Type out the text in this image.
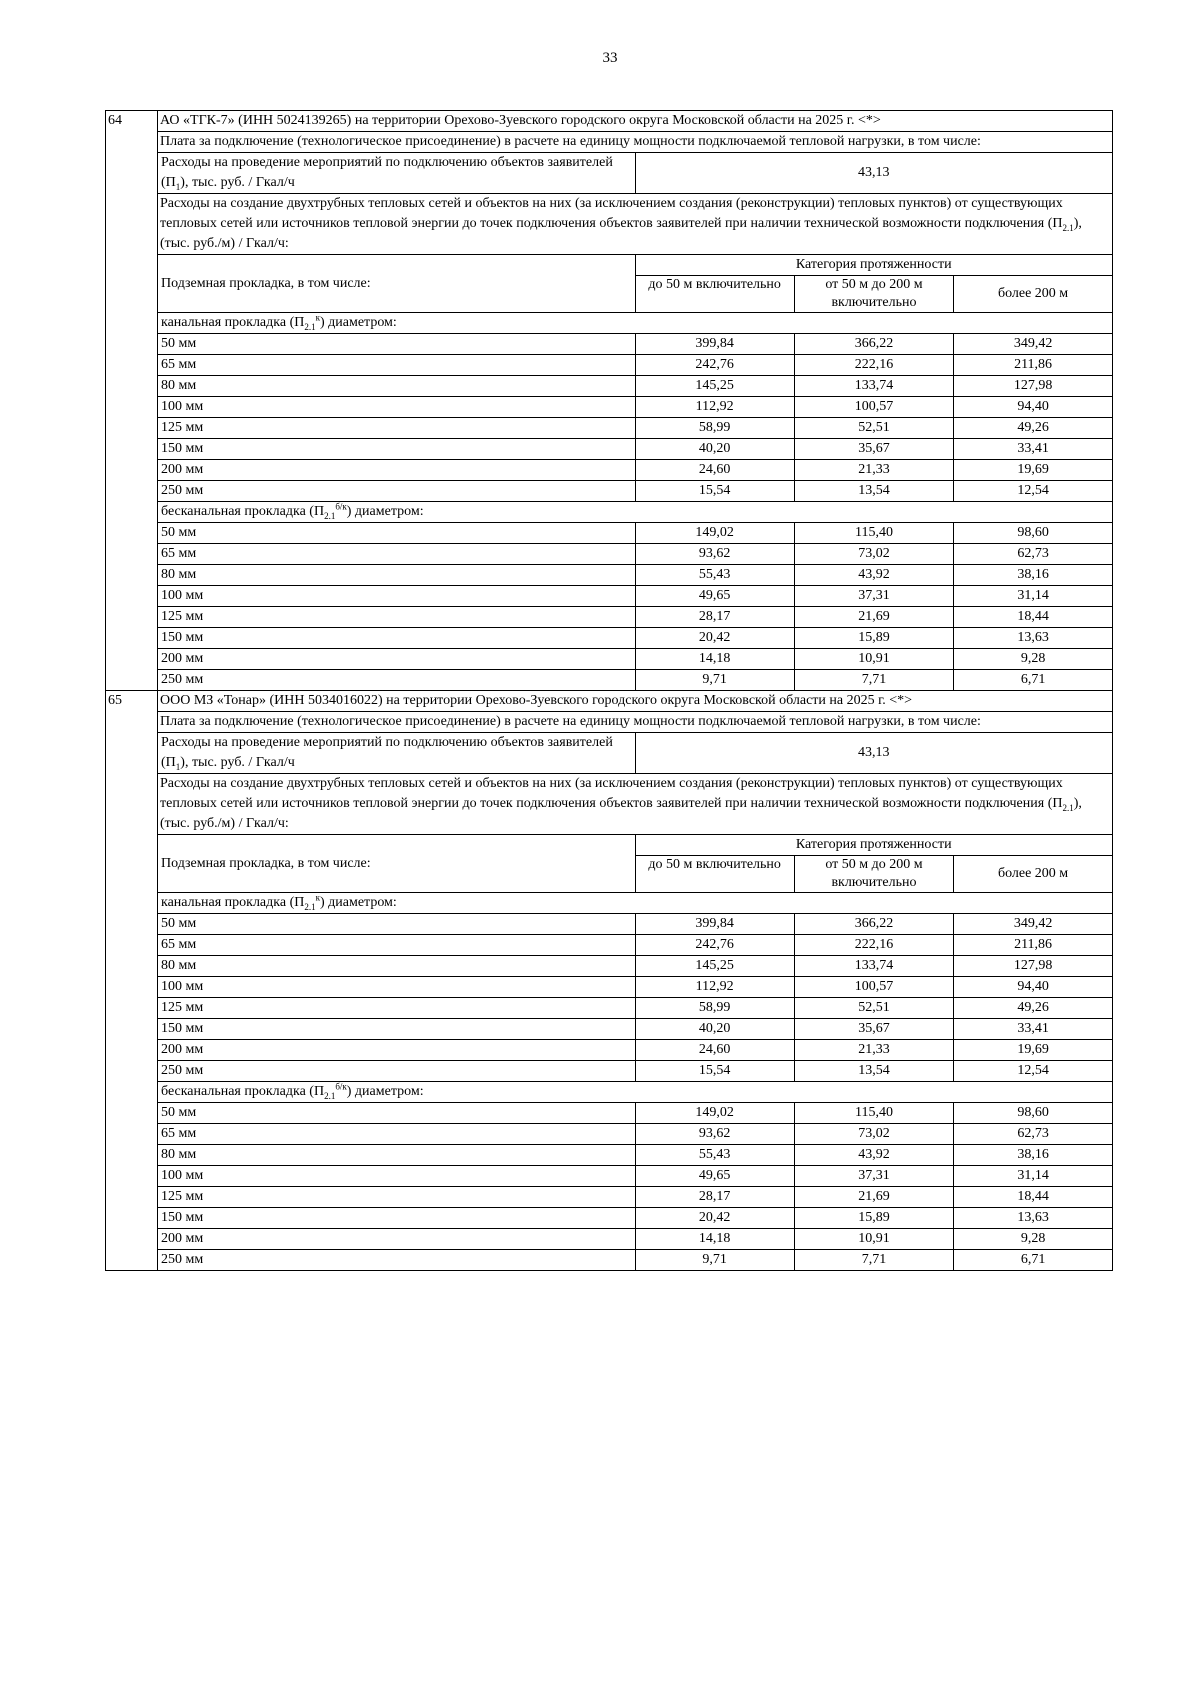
33
64	АО «ТГК-7» (ИНН 5024139265) на территории Орехово-Зуевского городского округа Московской области на 2025 г. <*>
Плата за подключение (технологическое присоединение) в расчете на единицу мощности подключаемой тепловой нагрузки, в том числе:

Расходы на проведение мероприятий по подключению объектов заявителей $(П_1)$, тыс. руб. / Гкал/ч	43,13

Расходы на создание двухтрубных тепловых сетей и объектов на них (за исключением создания (реконструкции) тепловых пунктов) от существующих тепловых сетей или источников тепловой энергии до точек подключения объектов заявителей при наличии технической возможности подключения $(П_{2.1})$, (тыс. руб./м) / Гкал/ч:

Подземная прокладка, в том числе:	Категория протяженности
до 50 м включительно	от 50 м до 200 м включительно	более 200 м
канальная прокладка $(П_{2.1}^к)$ диаметром:
50 мм	399,84	366,22	349,42
65 мм	242,76	222,16	211,86
80 мм	145,25	133,74	127,98
100 мм	112,92	100,57	94,40
125 мм	58,99	52,51	49,26
150 мм	40,20	35,67	33,41
200 мм	24,60	21,33	19,69
250 мм	15,54	13,54	12,54
бесканальная прокладка $(П_{2.1}^{б/к})$ диаметром:
50 мм	149,02	115,40	98,60
65 мм	93,62	73,02	62,73
80 мм	55,43	43,92	38,16
100 мм	49,65	37,31	31,14
125 мм	28,17	21,69	18,44
150 мм	20,42	15,89	13,63
200 мм	14,18	10,91	9,28
250 мм	9,71	7,71	6,71

65	ООО МЗ «Тонар» (ИНН 5034016022) на территории Орехово-Зуевского городского округа Московской области на 2025 г. <*>
Плата за подключение (технологическое присоединение) в расчете на единицу мощности подключаемой тепловой нагрузки, в том числе:

Расходы на проведение мероприятий по подключению объектов заявителей $(П_1)$, тыс. руб. / Гкал/ч	43,13

Расходы на создание двухтрубных тепловых сетей и объектов на них (за исключением создания (реконструкции) тепловых пунктов) от существующих тепловых сетей или источников тепловой энергии до точек подключения объектов заявителей при наличии технической возможности подключения $(П_{2.1})$, (тыс. руб./м) / Гкал/ч:

Подземная прокладка, в том числе:	Категория протяженности
до 50 м включительно	от 50 м до 200 м включительно	более 200 м
канальная прокладка $(П_{2.1}^к)$ диаметром:
50 мм	399,84	366,22	349,42
65 мм	242,76	222,16	211,86
80 мм	145,25	133,74	127,98
100 мм	112,92	100,57	94,40
125 мм	58,99	52,51	49,26
150 мм	40,20	35,67	33,41
200 мм	24,60	21,33	19,69
250 мм	15,54	13,54	12,54
бесканальная прокладка $(П_{2.1}^{б/к})$ диаметром:
50 мм	149,02	115,40	98,60
65 мм	93,62	73,02	62,73
80 мм	55,43	43,92	38,16
100 мм	49,65	37,31	31,14
125 мм	28,17	21,69	18,44
150 мм	20,42	15,89	13,63
200 мм	14,18	10,91	9,28
250 мм	9,71	7,71	6,71
